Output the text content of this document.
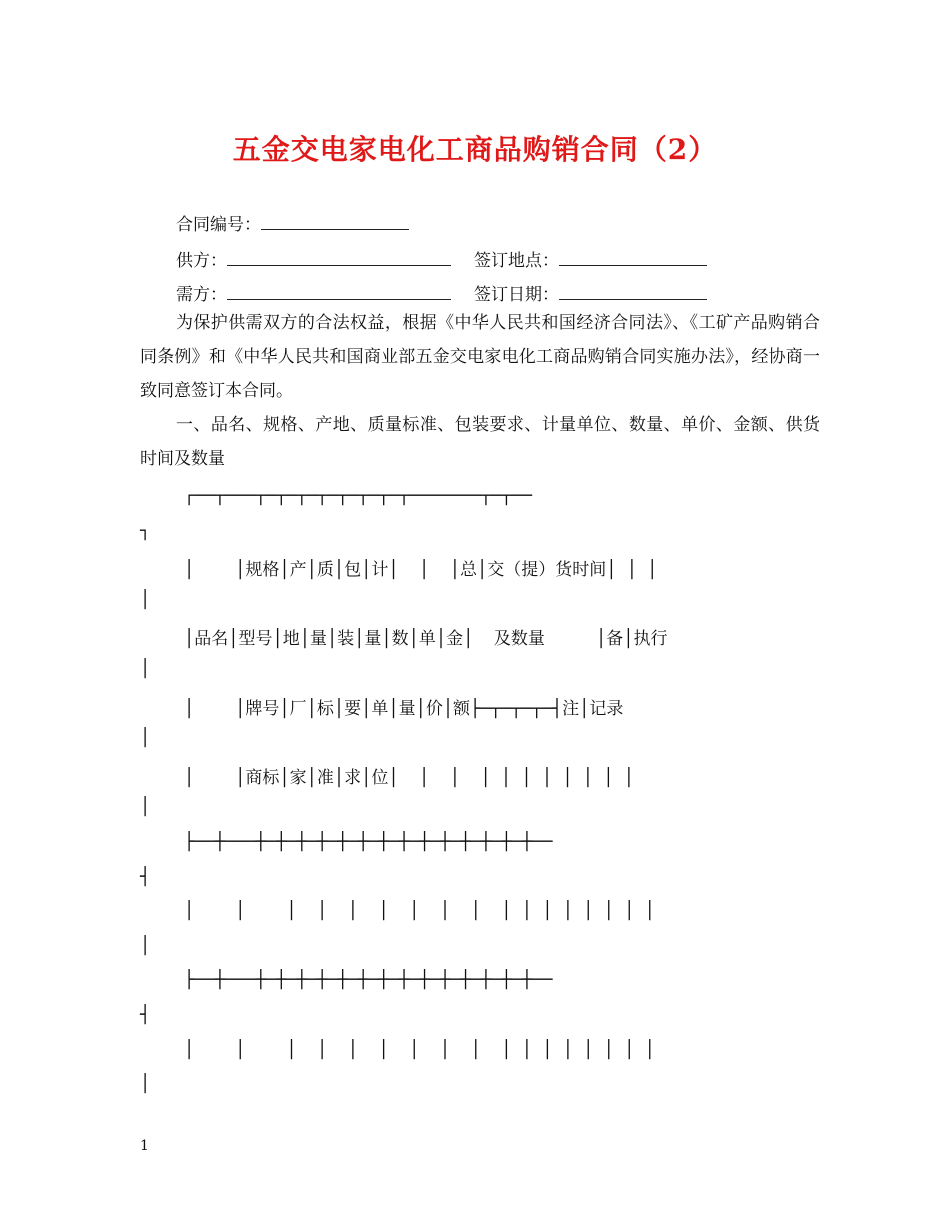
五金交电家电化工商品购销合同（2）
合同编号：
供方：	签订地点：
需方：	签订日期：
为保护供需双方的合法权益，根据《中华人民共和国经济合同法》、《工矿产品购销合同条例》和《中华人民共和国商业部五金交电家电化工商品购销合同实施办法》，经协商一致同意签订本合同。
一、品名、规格、产地、质量标准、包装要求、计量单位、数量、单价、金额、供货时间及数量
┌──┬───┬─┬─┬─┬─┬─┬─┬─┬───────┬─┬──
┐
│    │规格│产│质│包│计│  │  │总│交（提）货时间│ │ │
│
│品名│型号│地│量│装│量│数│单│金│  及数量     │备│执行
│
│    │牌号│厂│标│要│单│量│价│额├─┬─┬─┬─┤注│记录
│
│    │商标│家│准│求│位│  │  │  │ │ │ │ │ │ │ │
│
├──┼───┼─┼─┼─┼─┼─┼─┼─┼─┼─┼─┼─┼─┼─┼──
┤
│    │    │  │  │  │  │  │  │  │ │ │ │ │ │ │ │
│
├──┼───┼─┼─┼─┼─┼─┼─┼─┼─┼─┼─┼─┼─┼─┼──
┤
│    │    │  │  │  │  │  │  │  │ │ │ │ │ │ │ │
│
1
